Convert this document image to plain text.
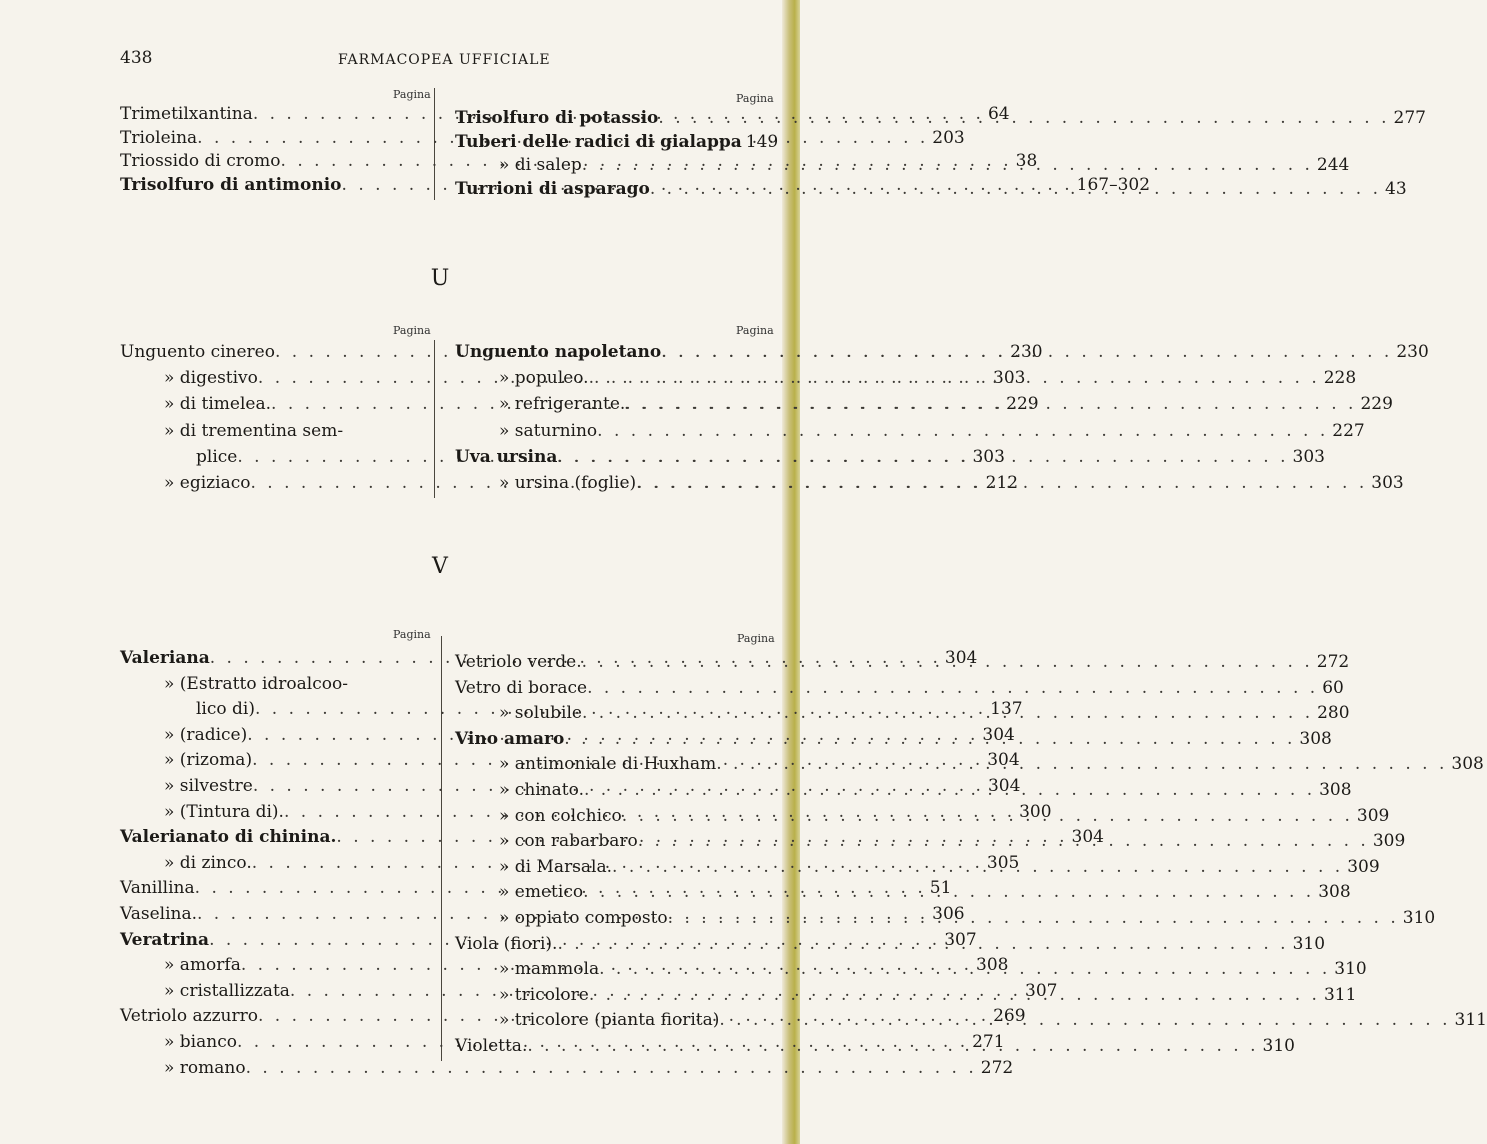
438	FARMACOPEA UFFICIALE
Pagina	Pagina
Trimetilxantina . . .	64
Trioleina . . .	203
Triossido di cromo . . .	38
Trisolfuro di antimonio . . .	167–302
Trisolfuro di potassio . . .	277
Tuberi delle radici di gialappa 149
» di salep . . .	244
Turrioni di asparago . . .	43
U
Pagina	Pagina
Unguento cinereo . . .	230
» digestivo . . .	303
» di timelea. . . .	229
» di trementina sem-
plice . . .	303
» egiziaco . . .	212
Unguento napoletano . . .	230
» populeo. . . .	228
» refrigerante. . . .	229
» saturnino . . .	227
Uva ursina . . .	303
» ursina (foglie) . . .	303
V
Pagina	Pagina
Valeriana . . .	304
» (Estratto idroalcoo-
lico di) . . .	137
» (radice) . . .	304
» (rizoma) . . .	304
» silvestre . . .	304
» (Tintura di). . . .	300
Valerianato di chinina. . . .	304
» di zinco. . . .	305
Vanillina . . .	51
Vaselina. . . .	306
Veratrina . . .	307
» amorfa . . .	308
» cristallizzata . . .	307
Vetriolo azzurro . . .	269
» bianco . . .	271
» romano . . .	272
Vetriolo verde. . . .	272
Vetro di borace . . .	60
» solubile . . .	280
Vino amaro . . .	308
» antimoniale di Huxham . . .	308
» chinato. . . .	308
» con colchico . . .	309
» con rabarbaro . . .	309
» di Marsala. . . .	309
» emetico . . .	308
» oppiato composto . . .	310
Viola (fiori). . . .	310
» mammola . . .	310
» tricolore . . .	311
» tricolore (pianta fiorita) . . .	311
Violetta. . . .	310
